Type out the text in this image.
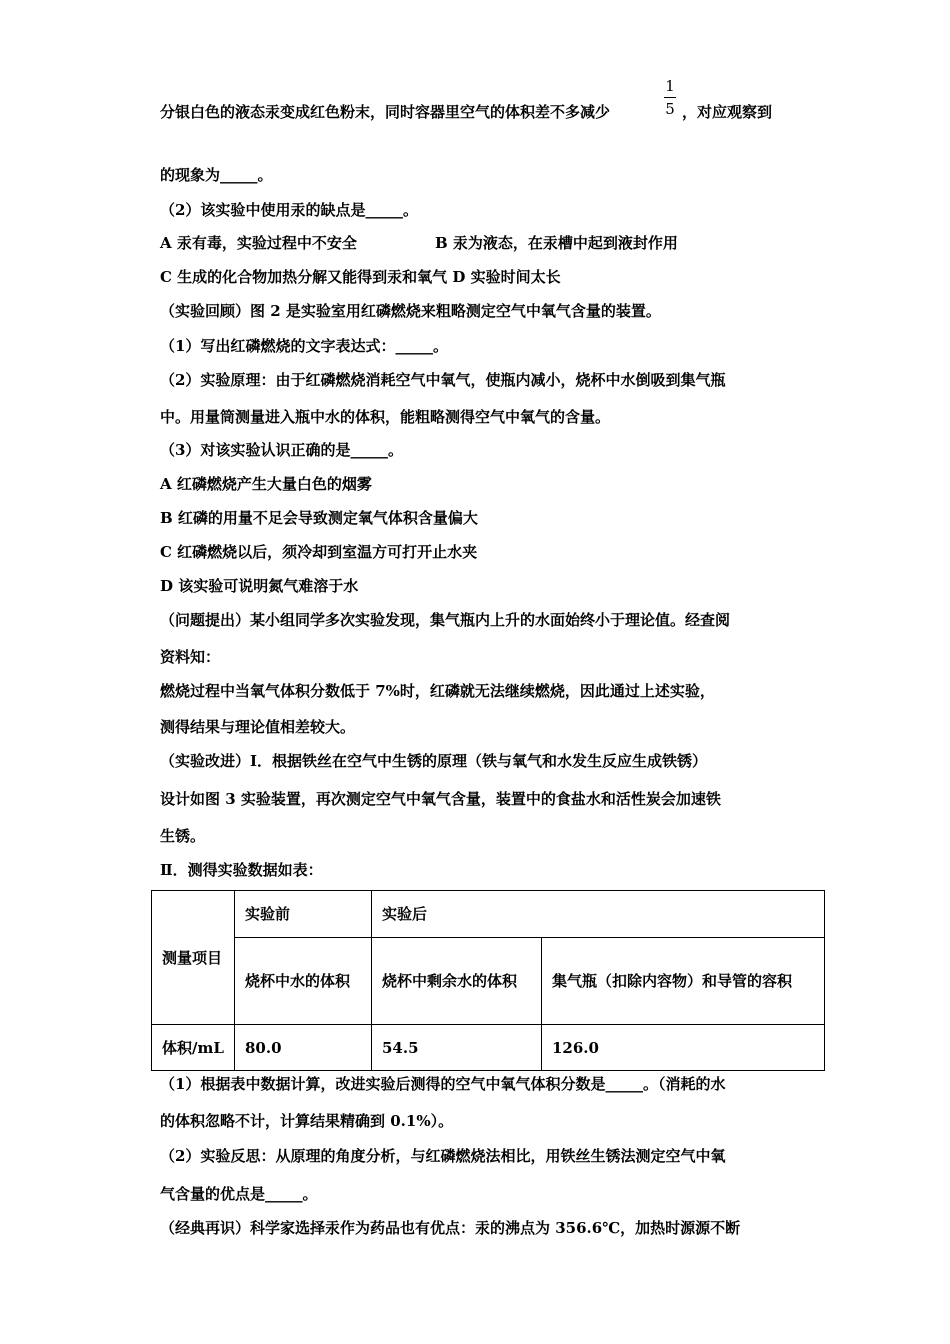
分银白色的液态汞变成红色粉末，同时容器里空气的体积差不多减少
1
5 ，对应观察到
的现象为_____。
（2）该实验中使用汞的缺点是_____。
A 汞有毒，实验过程中不安全	B 汞为液态，在汞槽中起到液封作用
C 生成的化合物加热分解又能得到汞和氧气 D 实验时间太长
（实验回顾）图 2 是实验室用红磷燃烧来粗略测定空气中氧气含量的装置。
（1）写出红磷燃烧的文字表达式：_____。
（2）实验原理：由于红磷燃烧消耗空气中氧气，使瓶内减小，烧杯中水倒吸到集气瓶
中。用量筒测量进入瓶中水的体积，能粗略测得空气中氧气的含量。
（3）对该实验认识正确的是_____。
A 红磷燃烧产生大量白色的烟雾
B 红磷的用量不足会导致测定氧气体积含量偏大
C 红磷燃烧以后，须冷却到室温方可打开止水夹
D 该实验可说明氮气难溶于水
（问题提出）某小组同学多次实验发现，集气瓶内上升的水面始终小于理论值。经查阅
资料知：
燃烧过程中当氧气体积分数低于 7%时，红磷就无法继续燃烧，因此通过上述实验，
测得结果与理论值相差较大。
（实验改进）Ⅰ．根据铁丝在空气中生锈的原理（铁与氧气和水发生反应生成铁锈）
设计如图 3 实验装置，再次测定空气中氧气含量，装置中的食盐水和活性炭会加速铁
生锈。
Ⅱ．测得实验数据如表：
测量项目	实验前	实验后	
	烧杯中水的体积	烧杯中剩余水的体积	集气瓶（扣除内容物）和导管的容积
体积/mL	80.0	54.5	126.0
（1）根据表中数据计算，改进实验后测得的空气中氧气体积分数是_____。（消耗的水
的体积忽略不计，计算结果精确到 0.1%）。
（2）实验反思：从原理的角度分析，与红磷燃烧法相比，用铁丝生锈法测定空气中氧
气含量的优点是_____。
（经典再识）科学家选择汞作为药品也有优点：汞的沸点为 356.6℃，加热时源源不断
